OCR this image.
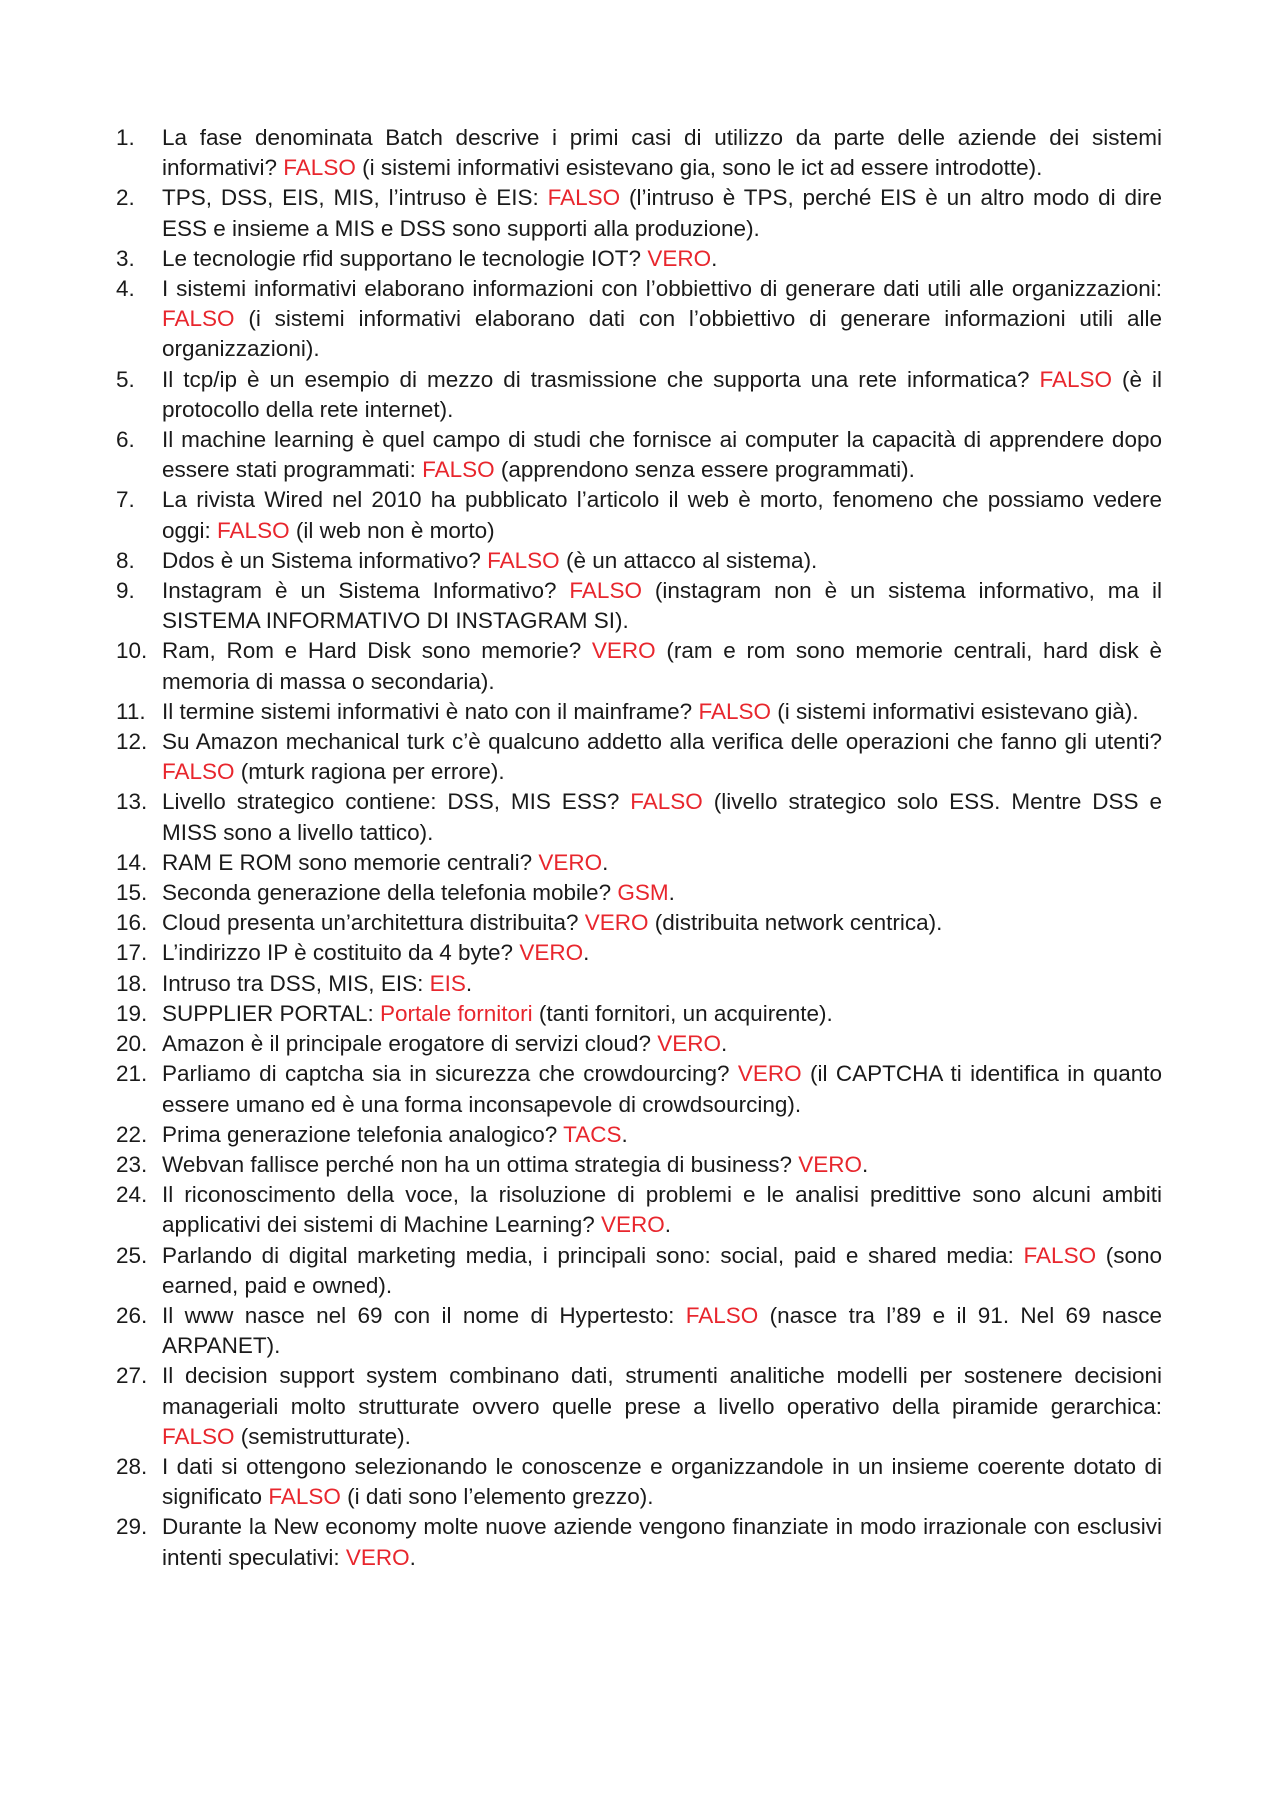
1.	La fase denominata Batch descrive i primi casi di utilizzo da parte delle aziende dei sistemi informativi? FALSO (i sistemi informativi esistevano gia, sono le ict ad essere introdotte).
2.	TPS, DSS, EIS, MIS, l’intruso è EIS: FALSO (l’intruso è TPS, perché EIS è un altro modo di dire ESS e insieme a MIS e DSS sono supporti alla produzione).
3.	Le tecnologie rfid supportano le tecnologie IOT? VERO.
4.	I sistemi informativi elaborano informazioni con l’obbiettivo di generare dati utili alle organizzazioni: FALSO (i sistemi informativi elaborano dati con l’obbiettivo di generare informazioni utili alle organizzazioni).
5.	Il tcp/ip è un esempio di mezzo di trasmissione che supporta una rete informatica? FALSO (è il protocollo della rete internet).
6.	Il machine learning è quel campo di studi che fornisce ai computer la capacità di apprendere dopo essere stati programmati: FALSO (apprendono senza essere programmati).
7.	La rivista Wired nel 2010 ha pubblicato l’articolo il web è morto, fenomeno che possiamo vedere oggi: FALSO (il web non è morto)
8.	Ddos è un Sistema informativo? FALSO (è un attacco al sistema).
9.	Instagram è un Sistema Informativo? FALSO (instagram non è un sistema informativo, ma il SISTEMA INFORMATIVO DI INSTAGRAM SI).
10. Ram, Rom e Hard Disk sono memorie? VERO (ram e rom sono memorie centrali, hard disk è memoria di massa o secondaria).
11. Il termine sistemi informativi è nato con il mainframe? FALSO (i sistemi informativi esistevano già).
12. Su Amazon mechanical turk c’è qualcuno addetto alla verifica delle operazioni che fanno gli utenti? FALSO (mturk ragiona per errore).
13. Livello strategico contiene: DSS, MIS ESS? FALSO (livello strategico solo ESS. Mentre DSS e MISS sono a livello tattico).
14. RAM E ROM sono memorie centrali? VERO.
15. Seconda generazione della telefonia mobile? GSM.
16. Cloud presenta un’architettura distribuita? VERO (distribuita network centrica).
17. L’indirizzo IP è costituito da 4 byte? VERO.
18. Intruso tra DSS, MIS, EIS: EIS.
19. SUPPLIER PORTAL: Portale fornitori (tanti fornitori, un acquirente).
20. Amazon è il principale erogatore di servizi cloud? VERO.
21. Parliamo di captcha sia in sicurezza che crowdourcing? VERO (il CAPTCHA ti identifica in quanto essere umano ed è una forma inconsapevole di crowdsourcing).
22. Prima generazione telefonia analogico? TACS.
23. Webvan fallisce perché non ha un ottima strategia di business? VERO.
24. Il riconoscimento della voce, la risoluzione di problemi e le analisi predittive sono alcuni ambiti applicativi dei sistemi di Machine Learning? VERO.
25. Parlando di digital marketing media, i principali sono: social, paid e shared media: FALSO (sono earned, paid e owned).
26. Il www nasce nel 69 con il nome di Hypertesto: FALSO (nasce tra l’89 e il 91. Nel 69 nasce ARPANET).
27. Il decision support system combinano dati, strumenti analitiche modelli per sostenere decisioni manageriali molto strutturate ovvero quelle prese a livello operativo della piramide gerarchica: FALSO (semistrutturate).
28. I dati si ottengono selezionando le conoscenze e organizzandole in un insieme coerente dotato di significato FALSO (i dati sono l’elemento grezzo).
29. Durante la New economy molte nuove aziende vengono finanziate in modo irrazionale con esclusivi intenti speculativi: VERO.
